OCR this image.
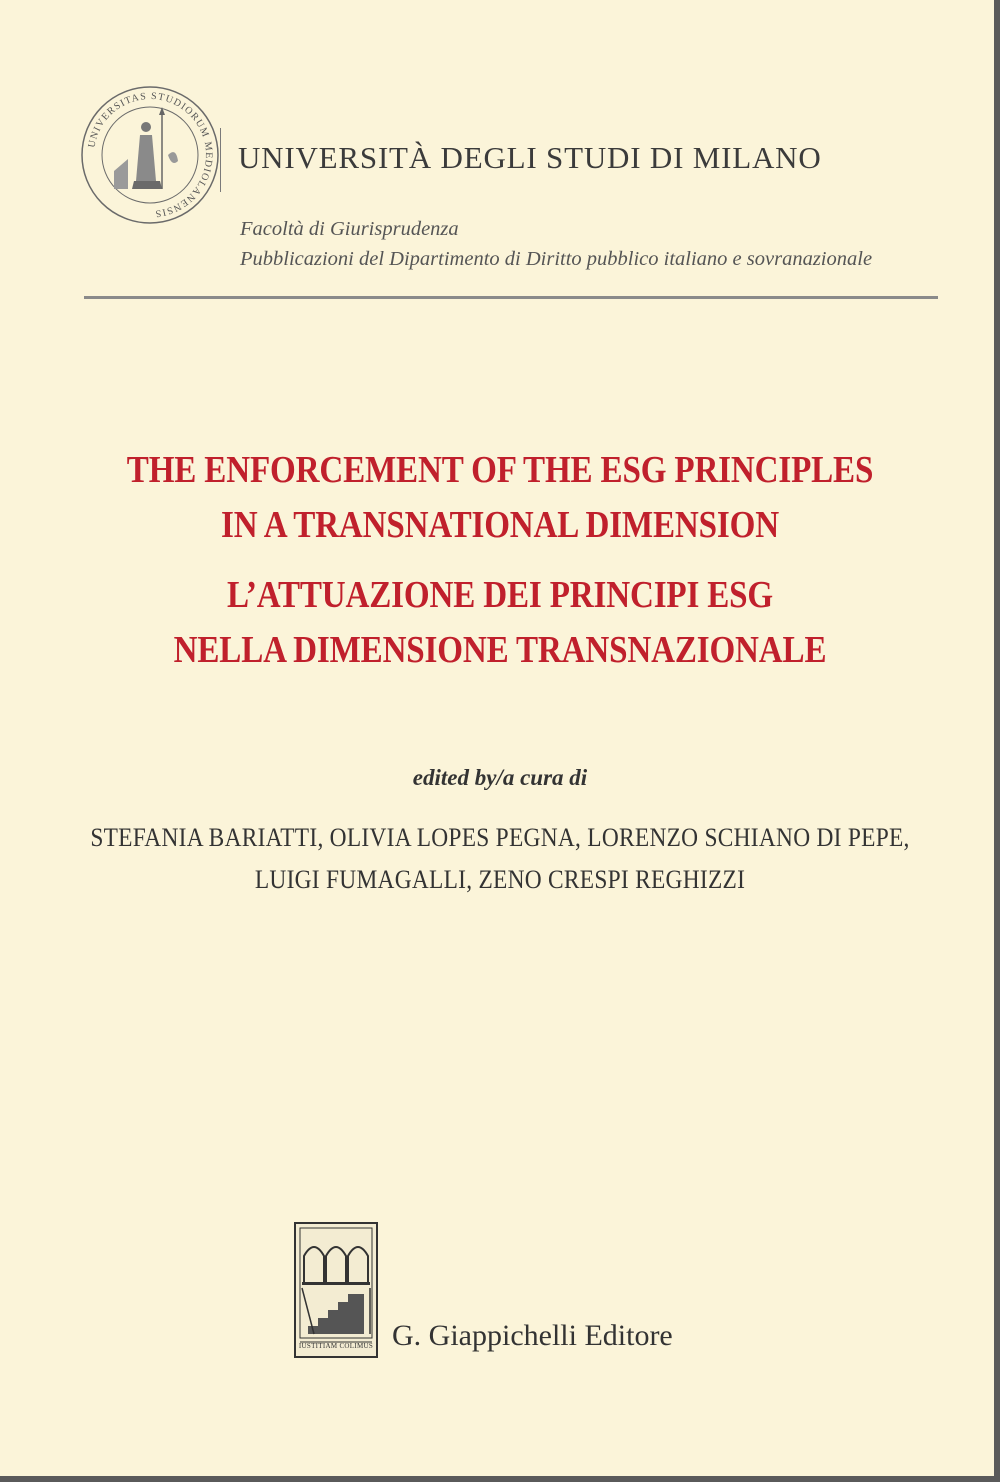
UNIVERSITAS STUDIORUM MEDIOLANENSIS
UNIVERSITÀ DEGLI STUDI DI MILANO
Facoltà di Giurisprudenza
Pubblicazioni del Dipartimento di Diritto pubblico italiano e sovranazionale
THE ENFORCEMENT OF THE ESG PRINCIPLES
IN A TRANSNATIONAL DIMENSION
L’ATTUAZIONE DEI PRINCIPI ESG
NELLA DIMENSIONE TRANSNAZIONALE
edited by/a cura di
STEFANIA BARIATTI, OLIVIA LOPES PEGNA, LORENZO SCHIANO DI PEPE,
LUIGI FUMAGALLI, ZENO CRESPI REGHIZZI
IUSTITIAM COLIMUS G. Giappichelli Editore
